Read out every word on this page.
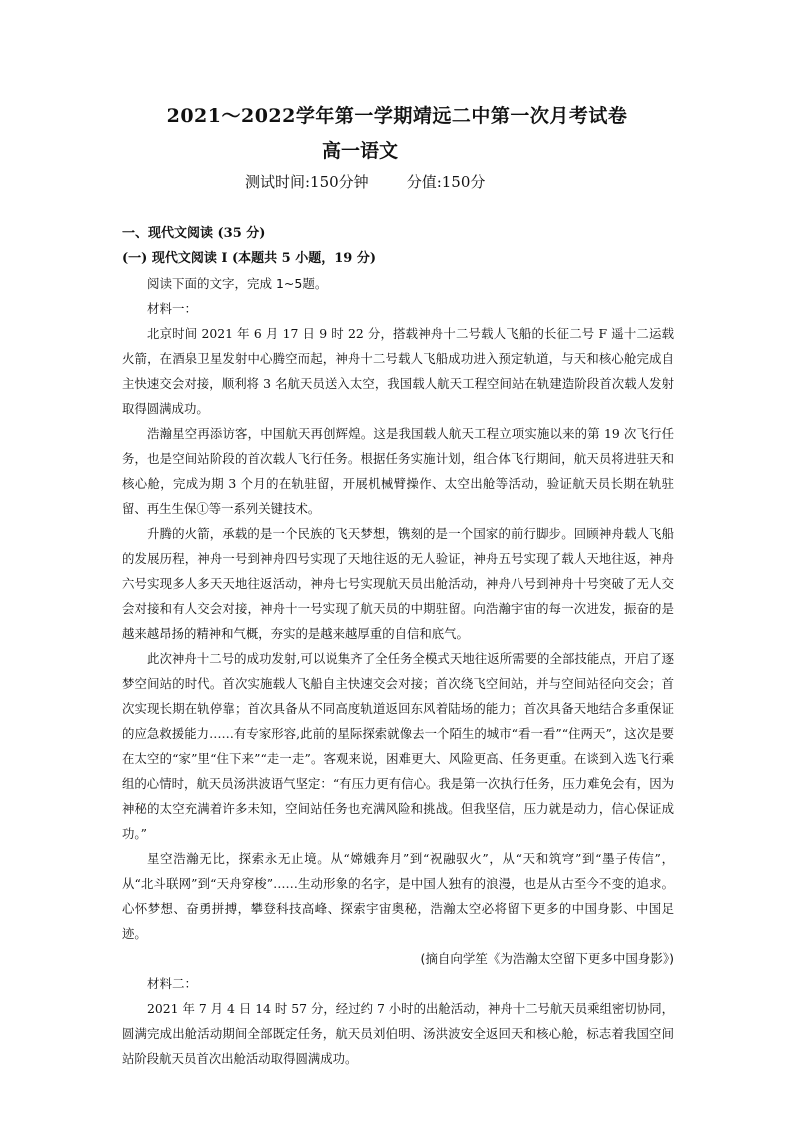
2021～2022学年第一学期靖远二中第一次月考试卷
高一语文
测试时间:150分钟	分值:150分

一、现代文阅读 (35 分)

(一) 现代文阅读 I (本题共 5 小题，19 分)

阅读下面的文字，完成 1~5题。

材料一：

北京时间 2021 年 6 月 17 日 9 时 22 分，搭载神舟十二号载人飞船的长征二号 F 遥十二运载火箭，在酒泉卫星发射中心腾空而起，神舟十二号载人飞船成功进入预定轨道，与天和核心舱完成自主快速交会对接，顺利将 3 名航天员送入太空，我国载人航天工程空间站在轨建造阶段首次载人发射取得圆满成功。

浩瀚星空再添访客，中国航天再创辉煌。这是我国载人航天工程立项实施以来的第 19 次飞行任务，也是空间站阶段的首次载人飞行任务。根据任务实施计划，组合体飞行期间，航天员将进驻天和核心舱，完成为期 3 个月的在轨驻留，开展机械臂操作、太空出舱等活动，验证航天员长期在轨驻留、再生生保①等一系列关键技术。

升腾的火箭，承载的是一个民族的飞天梦想，镌刻的是一个国家的前行脚步。回顾神舟载人飞船的发展历程，神舟一号到神舟四号实现了天地往返的无人验证，神舟五号实现了载人天地往返，神舟六号实现多人多天天地往返活动，神舟七号实现航天员出舱活动，神舟八号到神舟十号突破了无人交会对接和有人交会对接，神舟十一号实现了航天员的中期驻留。向浩瀚宇宙的每一次进发，振奋的是越来越昂扬的精神和气概，夯实的是越来越厚重的自信和底气。

此次神舟十二号的成功发射,可以说集齐了全任务全模式天地往返所需要的全部技能点，开启了逐梦空间站的时代。首次实施载人飞船自主快速交会对接；首次绕飞空间站，并与空间站径向交会；首次实现长期在轨停靠；首次具备从不同高度轨道返回东风着陆场的能力；首次具备天地结合多重保证的应急救援能力……有专家形容,此前的星际探索就像去一个陌生的城市“看一看”“住两天”，这次是要在太空的“家”里“住下来”“走一走”。客观来说，困难更大、风险更高、任务更重。在谈到入选飞行乘组的心情时，航天员汤洪波语气坚定：“有压力更有信心。我是第一次执行任务，压力难免会有，因为神秘的太空充满着许多未知，空间站任务也充满风险和挑战。但我坚信，压力就是动力，信心保证成功。”

星空浩瀚无比，探索永无止境。从“嫦娥奔月”到“祝融驭火”，从“天和筑穹”到“墨子传信”，从“北斗联网”到“天舟穿梭”……生动形象的名字，是中国人独有的浪漫，也是从古至今不变的追求。心怀梦想、奋勇拼搏，攀登科技高峰、探索宇宙奥秘，浩瀚太空必将留下更多的中国身影、中国足迹。

(摘自向学笙《为浩瀚太空留下更多中国身影》)

材料二：

2021 年 7 月 4 日 14 时 57 分，经过约 7 小时的出舱活动，神舟十二号航天员乘组密切协同，圆满完成出舱活动期间全部既定任务，航天员刘伯明、汤洪波安全返回天和核心舱，标志着我国空间站阶段航天员首次出舱活动取得圆满成功。
